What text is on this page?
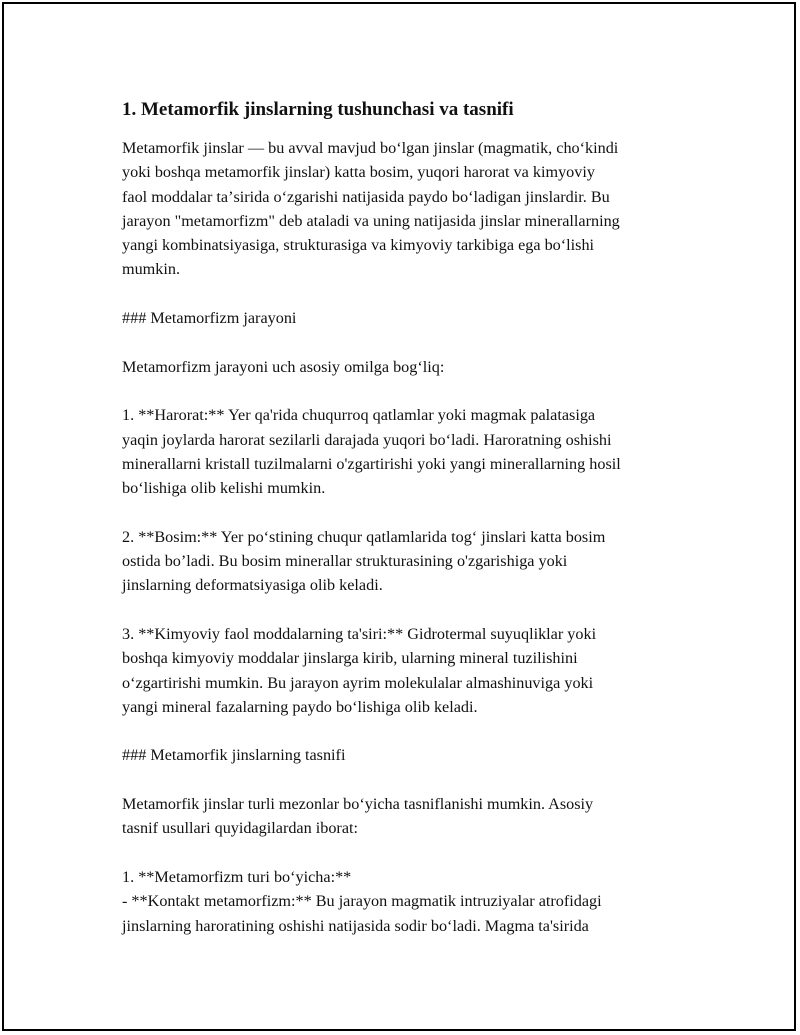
1. Metamorfik jinslarning tushunchasi va tasnifi

Metamorfik jinslar — bu avval mavjud boʻlgan jinslar (magmatik, choʻkindi
yoki boshqa metamorfik jinslar) katta bosim, yuqori harorat va kimyoviy
faol moddalar taʼsirida oʻzgarishi natijasida paydo boʻladigan jinslardir. Bu
jarayon "metamorfizm" deb ataladi va uning natijasida jinslar minerallarning
yangi kombinatsiyasiga, strukturasiga va kimyoviy tarkibiga ega boʻlishi
mumkin.

### Metamorfizm jarayoni

Metamorfizm jarayoni uch asosiy omilga bogʻliq:

1. **Harorat:** Yer qa'rida chuqurroq qatlamlar yoki magmak palatasiga
yaqin joylarda harorat sezilarli darajada yuqori boʻladi. Haroratning oshishi
minerallarni kristall tuzilmalarni o'zgartirishi yoki yangi minerallarning hosil
boʻlishiga olib kelishi mumkin.

2. **Bosim:** Yer poʻstining chuqur qatlamlarida togʻ jinslari katta bosim
ostida boʼladi. Bu bosim minerallar strukturasining o'zgarishiga yoki
jinslarning deformatsiyasiga olib keladi.

3. **Kimyoviy faol moddalarning ta'siri:** Gidrotermal suyuqliklar yoki
boshqa kimyoviy moddalar jinslarga kirib, ularning mineral tuzilishini
oʻzgartirishi mumkin. Bu jarayon ayrim molekulalar almashinuviga yoki
yangi mineral fazalarning paydo boʻlishiga olib keladi.

### Metamorfik jinslarning tasnifi

Metamorfik jinslar turli mezonlar boʻyicha tasniflanishi mumkin. Asosiy
tasnif usullari quyidagilardan iborat:

1. **Metamorfizm turi boʻyicha:**
- **Kontakt metamorfizm:** Bu jarayon magmatik intruziyalar atrofidagi
jinslarning haroratining oshishi natijasida sodir boʻladi. Magma ta'sirida
